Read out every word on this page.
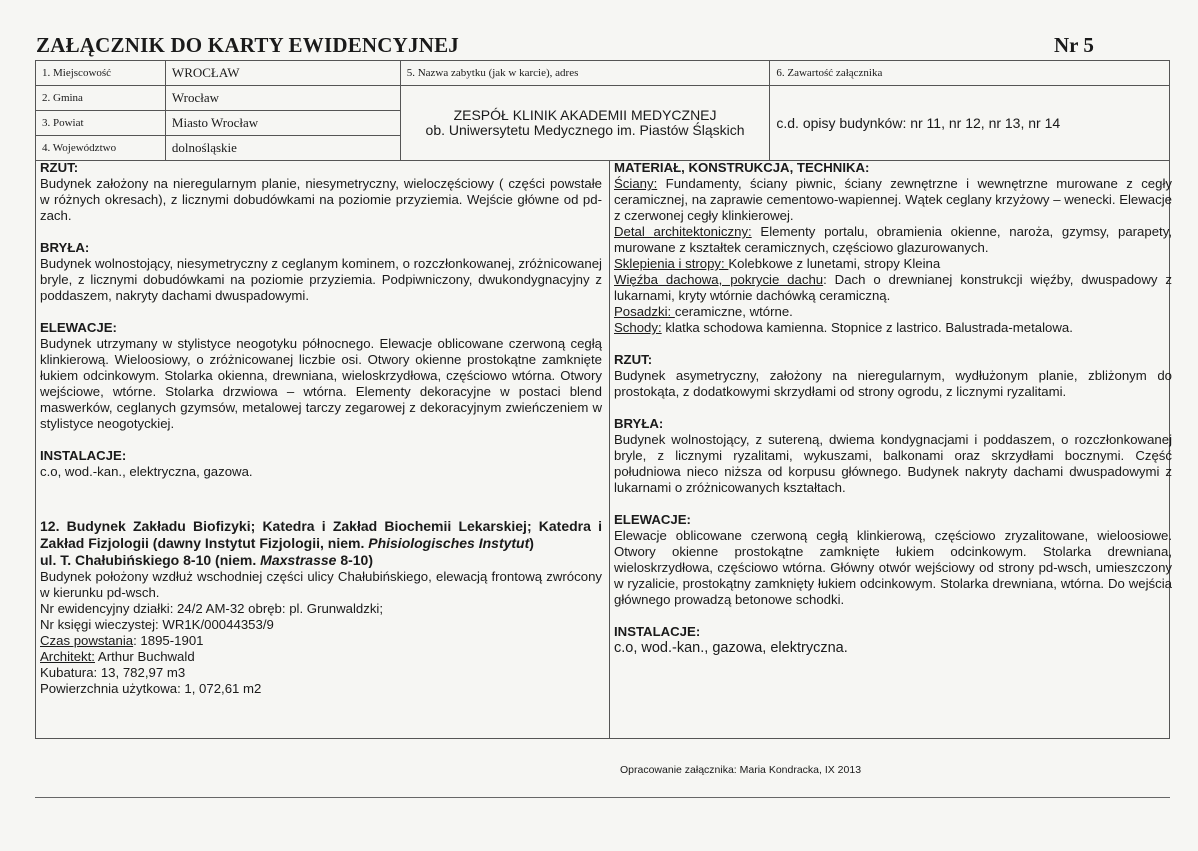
ZAŁĄCZNIK DO KARTY EWIDENCYJNEJ	Nr 5
1. Miejscowość	WROCŁAW	5. Nazwa zabytku (jak w karcie), adres	6. Zawartość załącznika
2. Gmina	Wrocław	ZESPÓŁ KLINIK AKADEMII MEDYCZNEJ
ob. Uniwersytetu Medycznego im. Piastów Śląskich	c.d. opisy budynków: nr 11, nr 12, nr 13, nr 14
3. Powiat	Miasto Wrocław		
4. Województwo	dolnośląskie		

RZUT:

Budynek założony na nieregularnym planie, niesymetryczny, wieloczęściowy ( części powstałe w różnych okresach), z licznymi dobudówkami na poziomie przyziemia. Wejście główne od pd-zach.

BRYŁA:

Budynek wolnostojący, niesymetryczny z ceglanym kominem, o rozczłonkowanej, zróżnicowanej bryle, z licznymi dobudówkami na poziomie przyziemia. Podpiwniczony, dwukondygnacyjny z poddaszem, nakryty dachami dwuspadowymi.

ELEWACJE:

Budynek utrzymany w stylistyce neogotyku północnego. Elewacje oblicowane czerwoną cegłą klinkierową. Wieloosiowy, o zróżnicowanej liczbie osi. Otwory okienne prostokątne zamknięte łukiem odcinkowym. Stolarka okienna, drewniana, wieloskrzydłowa, częściowo wtórna. Otwory wejściowe, wtórne. Stolarka drzwiowa – wtórna. Elementy dekoracyjne w postaci blend maswerków, ceglanych gzymsów, metalowej tarczy zegarowej z dekoracyjnym zwieńczeniem w stylistyce neogotyckiej.

INSTALACJE:

c.o, wod.-kan., elektryczna, gazowa.

12. Budynek Zakładu Biofizyki; Katedra i Zakład Biochemii Lekarskiej; Katedra i Zakład Fizjologii (dawny Instytut Fizjologii, niem. Phisiologisches Instytut)

ul. T. Chałubińskiego 8-10 (niem. Maxstrasse 8-10)

Budynek położony wzdłuż wschodniej części ulicy Chałubińskiego, elewacją frontową zwrócony w kierunku pd-wsch.

Nr ewidencyjny działki: 24/2 AM-32 obręb: pl. Grunwaldzki;

Nr księgi wieczystej: WR1K/00044353/9

Czas powstania: 1895-1901

Architekt: Arthur Buchwald

Kubatura: 13, 782,97 m3

Powierzchnia użytkowa: 1, 072,61 m2

MATERIAŁ, KONSTRUKCJA, TECHNIKA:

Ściany: Fundamenty, ściany piwnic, ściany zewnętrzne i wewnętrzne murowane z cegły ceramicznej, na zaprawie cementowo-wapiennej. Wątek ceglany krzyżowy – wenecki. Elewacje z czerwonej cegły klinkierowej.

Detal architektoniczny: Elementy portalu, obramienia okienne, naroża, gzymsy, parapety, murowane z kształtek ceramicznych, częściowo glazurowanych.

Sklepienia i stropy: Kolebkowe z lunetami, stropy Kleina

Więźba dachowa, pokrycie dachu: Dach o drewnianej konstrukcji więźby, dwuspadowy z lukarnami, kryty wtórnie dachówką ceramiczną.

Posadzki: ceramiczne, wtórne.

Schody: klatka schodowa kamienna. Stopnice z lastrico. Balustrada-metalowa.

RZUT:

Budynek asymetryczny, założony na nieregularnym, wydłużonym planie, zbliżonym do prostokąta, z dodatkowymi skrzydłami od strony ogrodu, z licznymi ryzalitami.

BRYŁA:

Budynek wolnostojący, z sutereną, dwiema kondygnacjami i poddaszem, o rozczłonkowanej bryle, z licznymi ryzalitami, wykuszami, balkonami oraz skrzydłami bocznymi. Część południowa nieco niższa od korpusu głównego. Budynek nakryty dachami dwuspadowymi z lukarnami o zróżnicowanych kształtach.

ELEWACJE:

Elewacje oblicowane czerwoną cegłą klinkierową, częściowo zryzalitowane, wieloosiowe. Otwory okienne prostokątne zamknięte łukiem odcinkowym. Stolarka drewniana, wieloskrzydłowa, częściowo wtórna. Główny otwór wejściowy od strony pd-wsch, umieszczony w ryzalicie, prostokątny zamknięty łukiem odcinkowym. Stolarka drewniana, wtórna. Do wejścia głównego prowadzą betonowe schodki.

INSTALACJE:

c.o, wod.-kan., gazowa, elektryczna.

Opracowanie załącznika: Maria Kondracka, IX 2013
